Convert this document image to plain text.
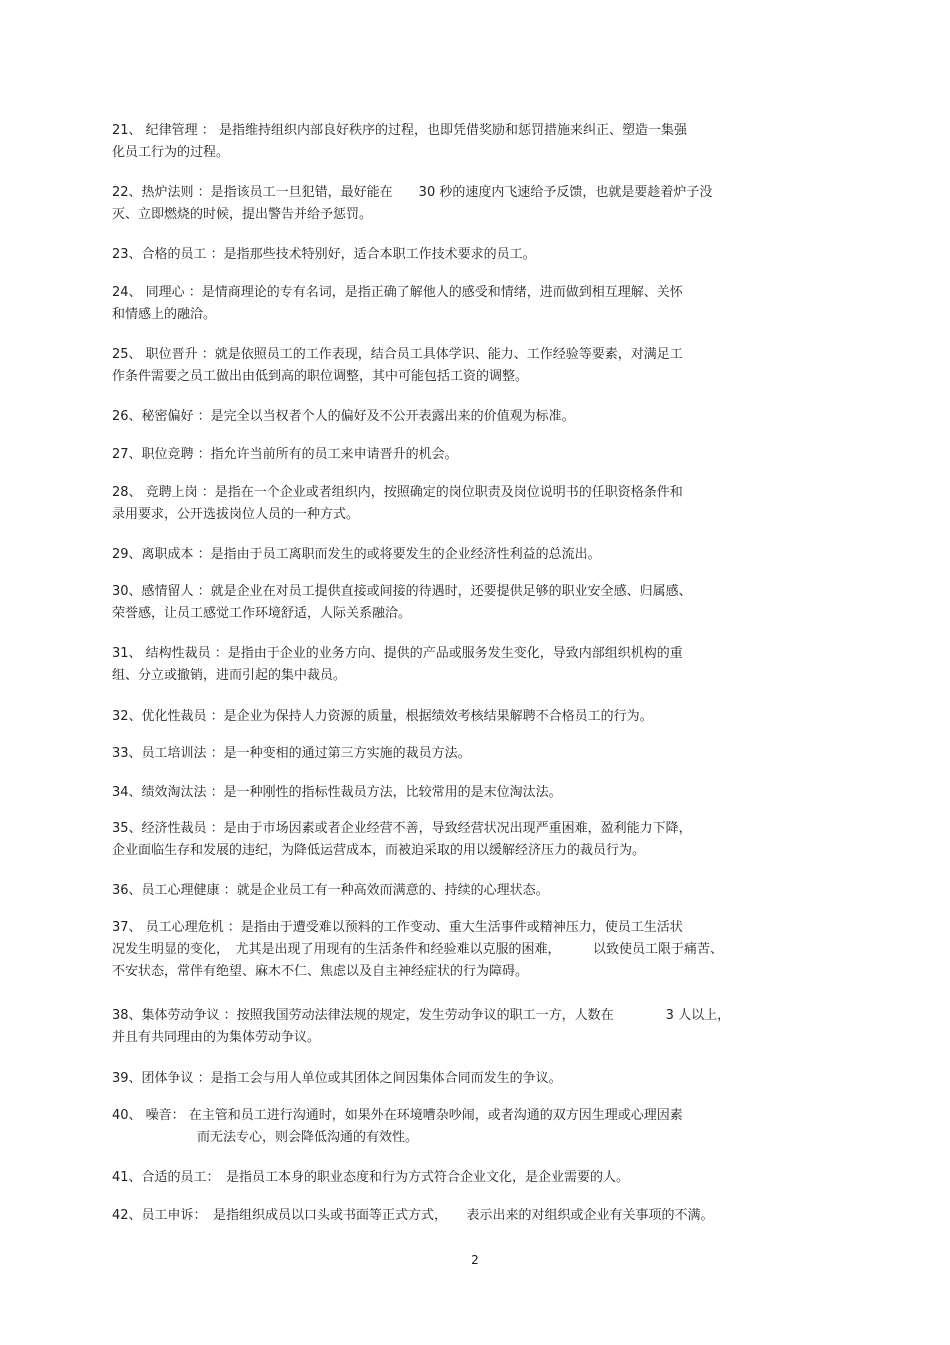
21、 纪律管理 ： 是指维持组织内部良好秩序的过程，也即凭借奖励和惩罚措施来纠正、塑造一集强
化员工行为的过程。
22、热炉法则 ：是指该员工一旦犯错，最好能在　　30 秒的速度内飞速给予反馈，也就是要趁着炉子没
灭、立即燃烧的时候，提出警告并给予惩罚。
23、合格的员工 ：是指那些技术特别好，适合本职工作技术要求的员工。
24、 同理心 ：是情商理论的专有名词，是指正确了解他人的感受和情绪，进而做到相互理解、关怀
和情感上的融洽。
25、 职位晋升 ：就是依照员工的工作表现，结合员工具体学识、能力、工作经验等要素，对满足工
作条件需要之员工做出由低到高的职位调整，其中可能包括工资的调整。
26、秘密偏好 ：是完全以当权者个人的偏好及不公开表露出来的价值观为标准。
27、职位竞聘 ：指允许当前所有的员工来申请晋升的机会。
28、 竞聘上岗 ：是指在一个企业或者组织内，按照确定的岗位职责及岗位说明书的任职资格条件和
录用要求，公开选拔岗位人员的一种方式。
29、离职成本 ：是指由于员工离职而发生的或将要发生的企业经济性利益的总流出。
30、感情留人 ：就是企业在对员工提供直接或间接的待遇时，还要提供足够的职业安全感、归属感、
荣誉感，让员工感觉工作环境舒适，人际关系融洽。
31、 结构性裁员 ：是指由于企业的业务方向、提供的产品或服务发生变化，导致内部组织机构的重
组、分立或撤销，进而引起的集中裁员。
32、优化性裁员 ：是企业为保持人力资源的质量，根据绩效考核结果解聘不合格员工的行为。
33、员工培训法 ：是一种变相的通过第三方实施的裁员方法。
34、绩效淘汰法 ：是一种刚性的指标性裁员方法，比较常用的是末位淘汰法。
35、经济性裁员 ：是由于市场因素或者企业经营不善，导致经营状况出现严重困难，盈利能力下降，
企业面临生存和发展的违纪，为降低运营成本，而被迫采取的用以缓解经济压力的裁员行为。
36、员工心理健康 ：就是企业员工有一种高效而满意的、持续的心理状态。
37、 员工心理危机 ：是指由于遭受难以预料的工作变动、重大生活事件或精神压力，使员工生活状
况发生明显的变化，　尤其是出现了用现有的生活条件和经验难以克服的困难，　　　以致使员工限于痛苦、
不安状态，常伴有绝望、麻木不仁、焦虑以及自主神经症状的行为障碍。
38、集体劳动争议 ：按照我国劳动法律法规的规定，发生劳动争议的职工一方，人数在　　　　3 人以上，
并且有共同理由的为集体劳动争议。
39、团体争议 ：是指工会与用人单位或其团体之间因集体合同而发生的争议。
40、 噪音： 在主管和员工进行沟通时，如果外在环境嘈杂吵闹，或者沟通的双方因生理或心理因素
而无法专心，则会降低沟通的有效性。
41、合适的员工：　是指员工本身的职业态度和行为方式符合企业文化，是企业需要的人。
42、员工申诉：　是指组织成员以口头或书面等正式方式，　　表示出来的对组织或企业有关事项的不满。
2
